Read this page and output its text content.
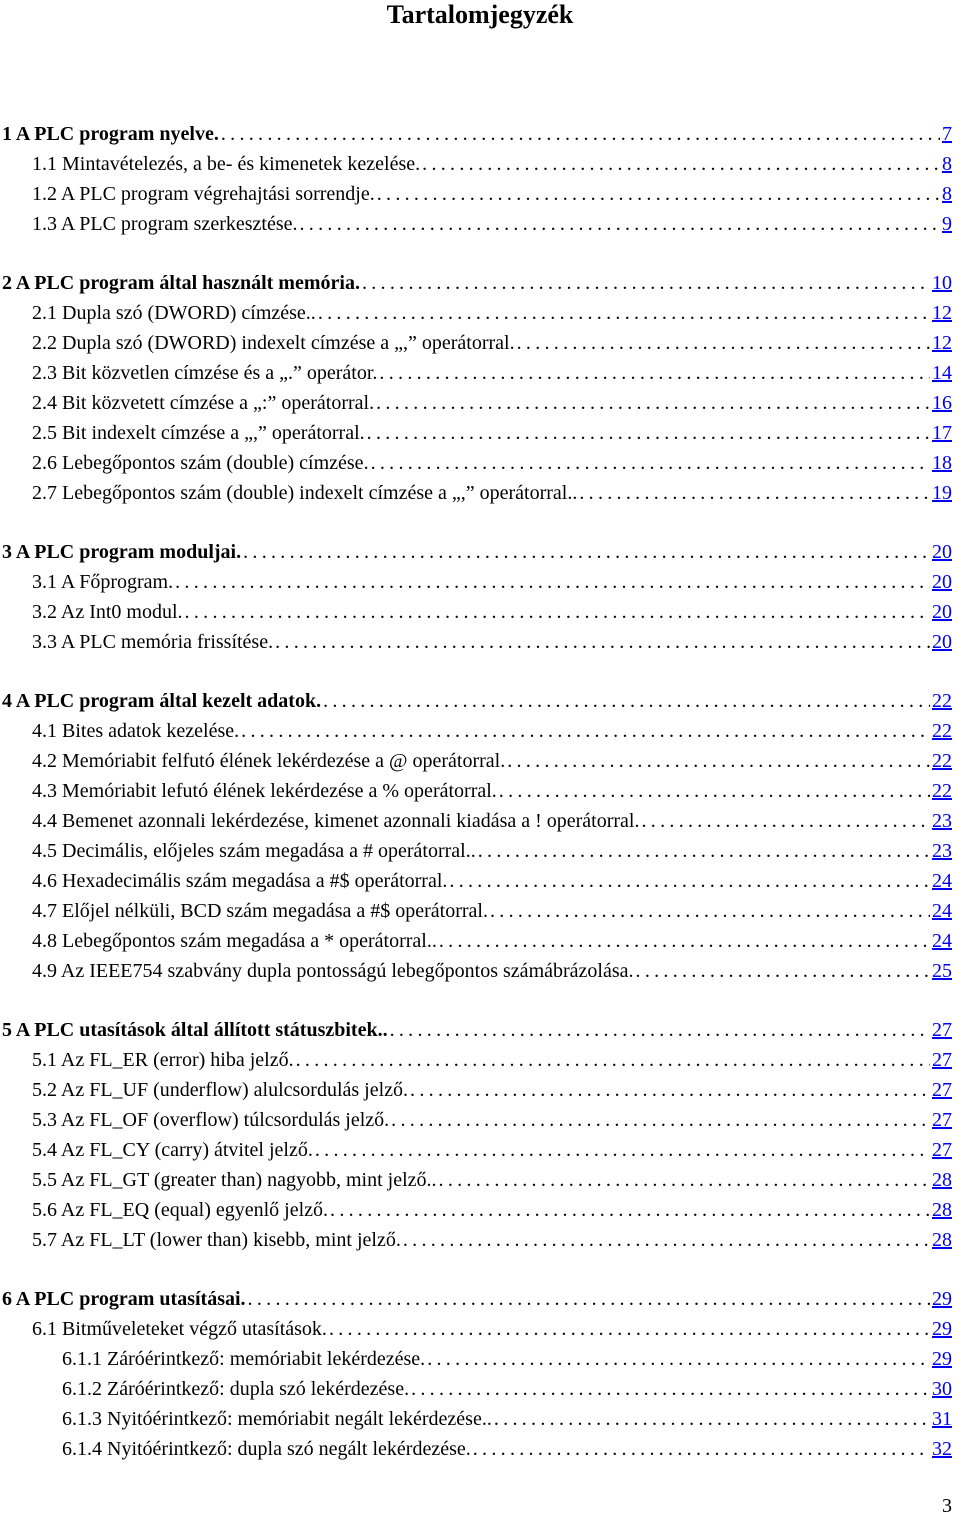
Tartalomjegyzék
1 A PLC program nyelve. .....	7
1.1 Mintavételezés, a be- és kimenetek kezelése. .....	8
1.2 A PLC program végrehajtási sorrendje. .....	8
1.3 A PLC program szerkesztése. .....	9
2 A PLC program által használt memória. .....	10
2.1 Dupla szó (DWORD) címzése.. .....	12
2.2 Dupla szó (DWORD) indexelt címzése a „,” operátorral. .....	12
2.3 Bit közvetlen címzése és a „.” operátor. .....	14
2.4 Bit közvetett címzése a „:” operátorral. .....	16
2.5 Bit indexelt címzése a „,” operátorral. .....	17
2.6 Lebegőpontos szám (double) címzése. .....	18
2.7 Lebegőpontos szám (double) indexelt címzése a „,” operátorral.. .....	19
3 A PLC program moduljai. .....	20
3.1 A Főprogram. .....	20
3.2 Az Int0 modul. .....	20
3.3 A PLC memória frissítése. .....	20
4 A PLC program által kezelt adatok. .....	22
4.1 Bites adatok kezelése. .....	22
4.2 Memóriabit felfutó élének lekérdezése a @ operátorral. .....	22
4.3 Memóriabit lefutó élének lekérdezése a % operátorral. .....	22
4.4 Bemenet azonnali lekérdezése, kimenet azonnali kiadása a ! operátorral. .....	23
4.5 Decimális, előjeles szám megadása a # operátorral.. .....	23
4.6 Hexadecimális szám megadása a #$ operátorral. .....	24
4.7 Előjel nélküli, BCD szám megadása a #$ operátorral. .....	24
4.8 Lebegőpontos szám megadása a * operátorral.. .....	24
4.9 Az IEEE754 szabvány dupla pontosságú lebegőpontos számábrázolása. .....	25
5 A PLC utasítások által állított státuszbitek.. .....	27
5.1 Az FL_ER (error) hiba jelző. .....	27
5.2 Az FL_UF (underflow) alulcsordulás jelző. .....	27
5.3 Az FL_OF (overflow) túlcsordulás jelző. .....	27
5.4 Az FL_CY (carry) átvitel jelző. .....	27
5.5 Az FL_GT (greater than) nagyobb, mint jelző.. .....	28
5.6 Az FL_EQ (equal) egyenlő jelző. .....	28
5.7 Az FL_LT (lower than) kisebb, mint jelző. .....	28
6 A PLC program utasításai. .....	29
6.1 Bitműveleteket végző utasítások. .....	29
6.1.1 Záróérintkező: memóriabit lekérdezése. .....	29
6.1.2 Záróérintkező: dupla szó lekérdezése. .....	30
6.1.3 Nyitóérintkező: memóriabit negált lekérdezése.. .....	31
6.1.4 Nyitóérintkező: dupla szó negált lekérdezése. .....	32
3
